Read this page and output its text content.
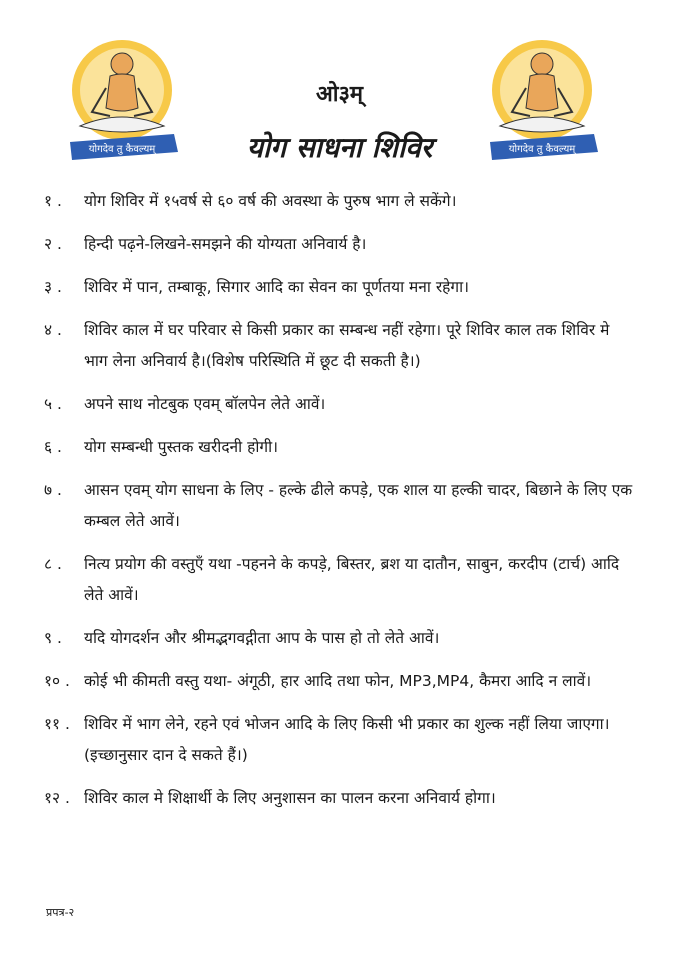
योगदेव तु कैवल्यम्	योगदेव तु कैवल्यम्
ओ३म्
योग साधना शिविर
१ .	योग शिविर में १५वर्ष से ६० वर्ष की अवस्था के पुरुष भाग ले सकेंगे।
२ .	हिन्दी पढ़ने-लिखने-समझने की योग्यता अनिवार्य है।
३ .	शिविर में पान, तम्बाकू, सिगार आदि का सेवन का पूर्णतया मना रहेगा।
४ .	शिविर काल में घर परिवार से किसी प्रकार का सम्बन्ध नहीं रहेगा। पूरे शिविर काल तक शिविर मे भाग लेना अनिवार्य है।(विशेष परिस्थिति में छूट दी सकती है।)
५ .	अपने साथ नोटबुक एवम् बॉलपेन लेते आवें।
६ .	योग सम्बन्धी पुस्तक खरीदनी होगी।
७ .	आसन एवम् योग साधना के लिए - हल्के ढीले कपड़े, एक शाल या हल्की चादर, बिछाने के लिए एक कम्बल लेते आवें।
८ .	नित्य प्रयोग की वस्तुएँ यथा -पहनने के कपड़े, बिस्तर, ब्रश या दातौन, साबुन, करदीप (टार्च) आदि लेते आवें।
९ .	यदि योगदर्शन और श्रीमद्भगवद्गीता आप के पास हो तो लेते आवें।
१० . कोई भी कीमती वस्तु यथा- अंगूठी, हार आदि तथा फोन, MP3,MP4, कैमरा आदि न लावें।
११ . शिविर में भाग लेने, रहने एवं भोजन आदि के लिए किसी भी प्रकार का शुल्क नहीं लिया जाएगा।(इच्छानुसार दान दे सकते हैं।)
१२ . शिविर काल मे शिक्षार्थी के लिए अनुशासन का पालन करना अनिवार्य होगा।
प्रपत्र-२
